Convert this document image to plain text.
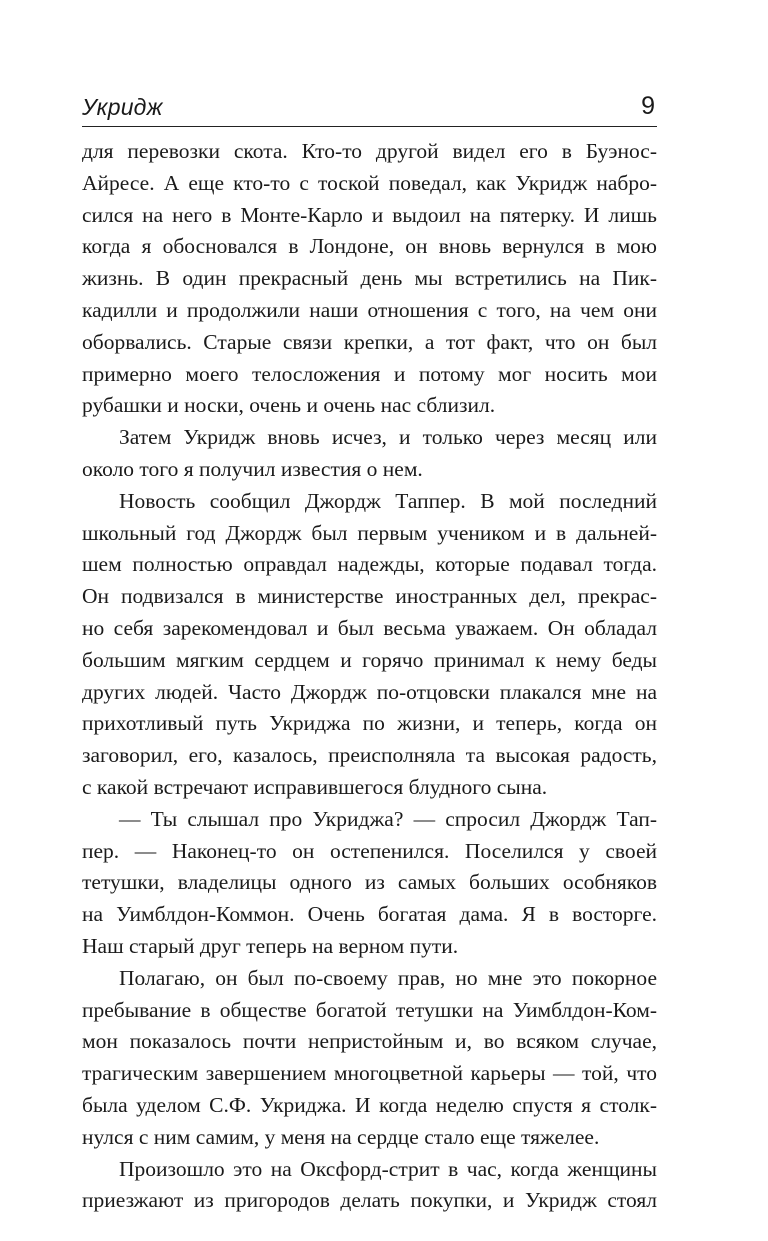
Укридж	9
для перевозки скота. Кто-то другой видел его в Буэнос-
Айресе. А еще кто-то с тоской поведал, как Укридж набро-
сился на него в Монте-Карло и выдоил на пятерку. И лишь
когда я обосновался в Лондоне, он вновь вернулся в мою
жизнь. В один прекрасный день мы встретились на Пик-
кадилли и продолжили наши отношения с того, на чем они
оборвались. Старые связи крепки, а тот факт, что он был
примерно моего телосложения и потому мог носить мои
рубашки и носки, очень и очень нас сблизил.
Затем Укридж вновь исчез, и только через месяц или
около того я получил известия о нем.
Новость сообщил Джордж Таппер. В мой последний
школьный год Джордж был первым учеником и в дальней-
шем полностью оправдал надежды, которые подавал тогда.
Он подвизался в министерстве иностранных дел, прекрас-
но себя зарекомендовал и был весьма уважаем. Он обладал
большим мягким сердцем и горячо принимал к нему беды
других людей. Часто Джордж по-отцовски плакался мне на
прихотливый путь Укриджа по жизни, и теперь, когда он
заговорил, его, казалось, преисполняла та высокая радость,
с какой встречают исправившегося блудного сына.
— Ты слышал про Укриджа? — спросил Джордж Тап-
пер. — Наконец-то он остепенился. Поселился у своей
тетушки, владелицы одного из самых больших особняков
на Уимблдон-Коммон. Очень богатая дама. Я в восторге.
Наш старый друг теперь на верном пути.
Полагаю, он был по-своему прав, но мне это покорное
пребывание в обществе богатой тетушки на Уимблдон-Ком-
мон показалось почти непристойным и, во всяком случае,
трагическим завершением многоцветной карьеры — той, что
была уделом С.Ф. Укриджа. И когда неделю спустя я столк-
нулся с ним самим, у меня на сердце стало еще тяжелее.
Произошло это на Оксфорд-стрит в час, когда женщины
приезжают из пригородов делать покупки, и Укридж стоял
